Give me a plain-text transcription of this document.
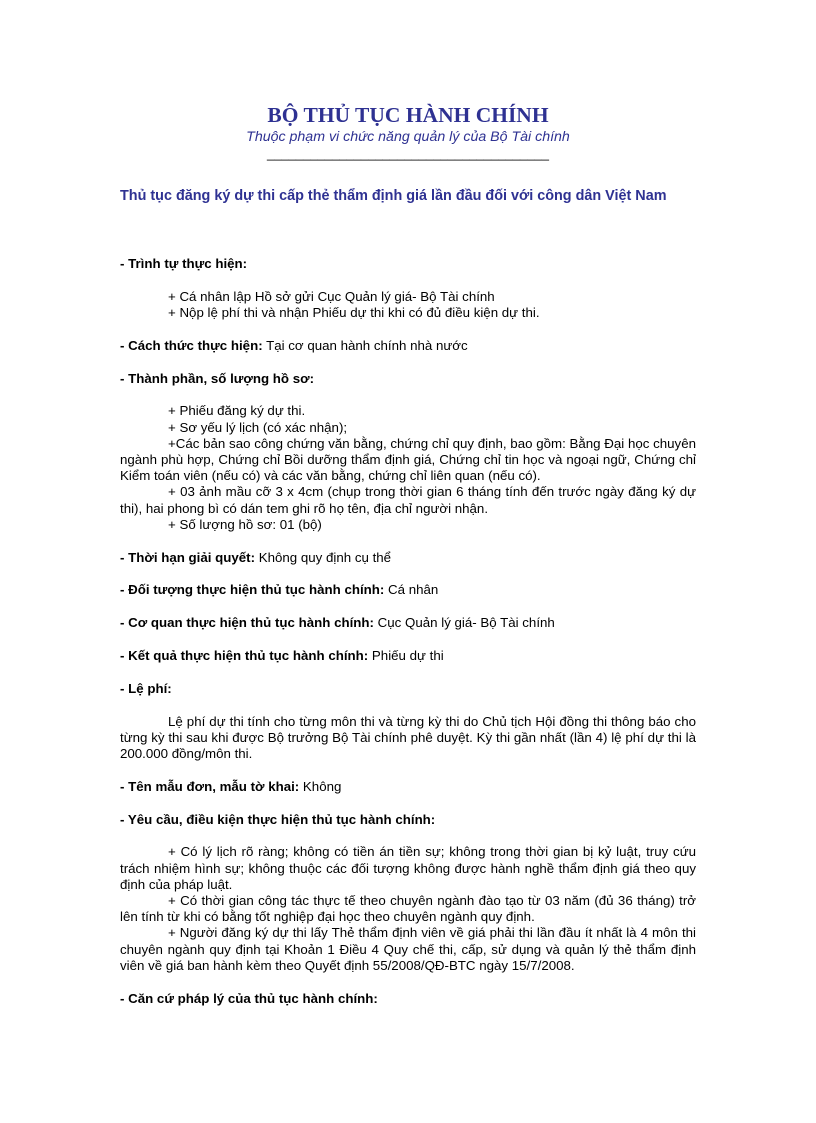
BỘ THỦ TỤC HÀNH CHÍNH

Thuộc phạm vi chức năng quản lý của Bộ Tài chính

_______________________________________

Thủ tục đăng ký dự thi cấp thẻ thẩm định giá lần đầu đối với công dân Việt Nam

- Trình tự thực hiện:

+ Cá nhân lập Hồ sở gửi Cục Quản lý giá- Bộ Tài chính

+ Nộp lệ phí thi và nhận Phiếu dự thi khi có đủ điều kiện dự thi.

- Cách thức thực hiện: Tại cơ quan hành chính nhà nước

- Thành phần, số lượng hồ sơ:

+ Phiếu đăng ký dự thi.

+ Sơ yếu lý lịch (có xác nhận);

+Các bản sao công chứng văn bằng, chứng chỉ quy định, bao gồm: Bằng Đại học chuyên ngành phù hợp, Chứng chỉ Bồi dưỡng thẩm định giá, Chứng chỉ tin học và ngoại ngữ, Chứng chỉ Kiểm toán viên (nếu có) và các văn bằng, chứng chỉ liên quan (nếu có).

+ 03 ảnh mầu cỡ 3 x 4cm (chụp trong thời gian 6 tháng tính đến trước ngày đăng ký dự thi), hai phong bì có dán tem ghi rõ họ tên, địa chỉ người nhận.

+ Số lượng hồ sơ: 01 (bộ)

- Thời hạn giải quyết: Không quy định cụ thể

- Đối tượng thực hiện thủ tục hành chính: Cá nhân

- Cơ quan thực hiện thủ tục hành chính: Cục Quản lý giá- Bộ Tài chính

- Kết quả thực hiện thủ tục hành chính: Phiếu dự thi

- Lệ phí:

Lệ phí dự thi tính cho từng môn thi và từng kỳ thi do Chủ tịch Hội đồng thi thông báo cho từng kỳ thi sau khi được Bộ trưởng Bộ Tài chính phê duyệt. Kỳ thi gần nhất (lần 4) lệ phí dự thi là 200.000 đồng/môn thi.

- Tên mẫu đơn, mẫu tờ khai: Không

- Yêu cầu, điều kiện thực hiện thủ tục hành chính:

+ Có lý lịch rõ ràng; không có tiền án tiền sự; không trong thời gian bị kỷ luật, truy cứu trách nhiệm hình sự; không thuộc các đối tượng không được hành nghề thẩm định giá theo quy định của pháp luật.

+ Có thời gian công tác thực tế theo chuyên ngành đào tạo từ 03 năm (đủ 36 tháng) trở lên tính từ khi có bằng tốt nghiệp đại học theo chuyên ngành quy định.

+ Người đăng ký dự thi lấy Thẻ thẩm định viên về giá phải thi lần đầu ít nhất là 4 môn thi chuyên ngành quy định tại Khoản 1 Điều 4 Quy chế thi, cấp, sử dụng và quản lý thẻ thẩm định viên về giá ban hành kèm theo Quyết định 55/2008/QĐ-BTC ngày 15/7/2008.

- Căn cứ pháp lý của thủ tục hành chính:
